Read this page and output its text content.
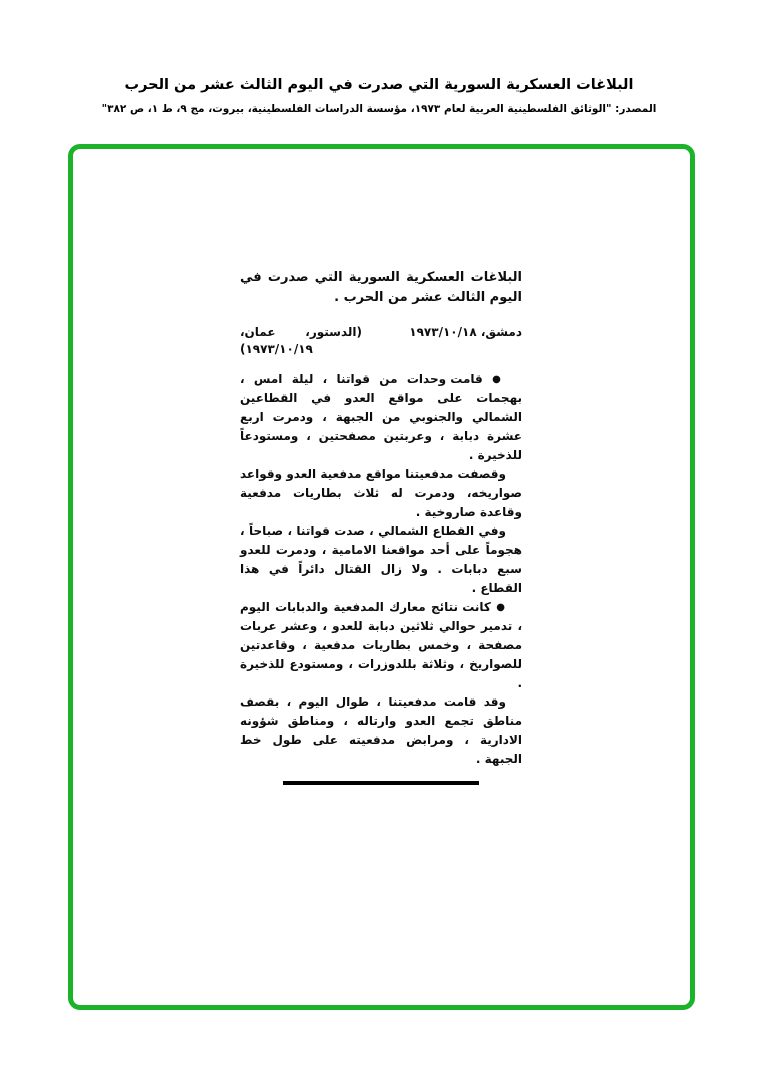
البلاغات العسكرية السورية التي صدرت في اليوم الثالث عشر من الحرب
المصدر: "الوثائق الفلسطينية العربية لعام ١٩٧٣، مؤسسة الدراسات الفلسطينية، بيروت، مج ٩، ط ١، ص ٣٨٢"
البلاغات العسكرية السورية التي صدرت في اليوم الثالث عشر من الحرب .
دمشق، ١٩٧٣/١٠/١٨
(الدستور، عمان، ١٩٧٣/١٠/١٩)

● قامت وحدات من قواتنا ، ليلة امس ، بهجمات على مواقع العدو في القطاعين الشمالي والجنوبي من الجبهة ، ودمرت اربع عشرة دبابة ، وعربتين مصفحتين ، ومستودعاً للذخيرة .

وقصفت مدفعيتنا مواقع مدفعية العدو وقواعد صواريخه، ودمرت له ثلاث بطاريات مدفعية وقاعدة صاروخية .

وفي القطاع الشمالي ، صدت قواتنا ، صباحاً ، هجوماً على أحد مواقعنا الامامية ، ودمرت للعدو سبع دبابات . ولا زال القتال دائراً في هذا القطاع .

● كانت نتائج معارك المدفعية والدبابات اليوم ، تدمير حوالي ثلاثين دبابة للعدو ، وعشر عربات مصفحة ، وخمس بطاريات مدفعية ، وقاعدتين للصواريخ ، وثلاثة بللدوزرات ، ومستودع للذخيرة .

وقد قامت مدفعيتنا ، طوال اليوم ، بقصف مناطق تجمع العدو وارتاله ، ومناطق شؤونه الادارية ، ومرابض مدفعيته على طول خط الجبهة .
